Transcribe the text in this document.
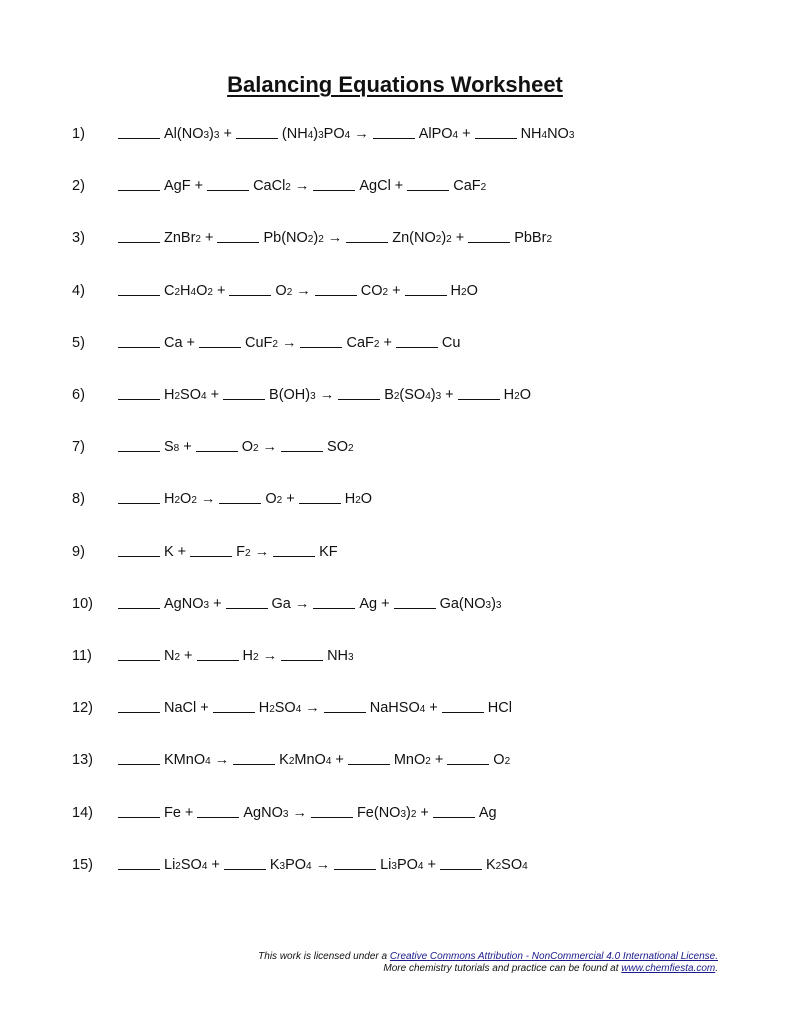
Balancing Equations Worksheet
1)	Al(NO3)3 +	(NH4)3PO4 →	AlPO4 +	NH4NO3
2)	AgF +	CaCl2 →	AgCl +	CaF2
3)	ZnBr2 +	Pb(NO2)2 →	Zn(NO2)2 +	PbBr2
4)	C2H4O2 +	O2 →	CO2 +	H2O
5)	Ca +	CuF2 →	CaF2 +	Cu
6)	H2SO4 +	B(OH)3 →	B2(SO4)3 +	H2O
7)	S8 +	O2 →	SO2
8)	H2O2 →	O2 +	H2O
9)	K +	F2 →	KF
10)	AgNO3 +	Ga →	Ag +	Ga(NO3)3
11)	N2 +	H2 →	NH3
12)	NaCl +	H2SO4 →	NaHSO4 +	HCl
13)	KMnO4 →	K2MnO4 +	MnO2 +	O2
14)	Fe +	AgNO3 →	Fe(NO3)2 +	Ag
15)	Li2SO4 +	K3PO4 →	Li3PO4 +	K2SO4
This work is licensed under a Creative Commons Attribution - NonCommercial 4.0 International License.
More chemistry tutorials and practice can be found at www.chemfiesta.com.
